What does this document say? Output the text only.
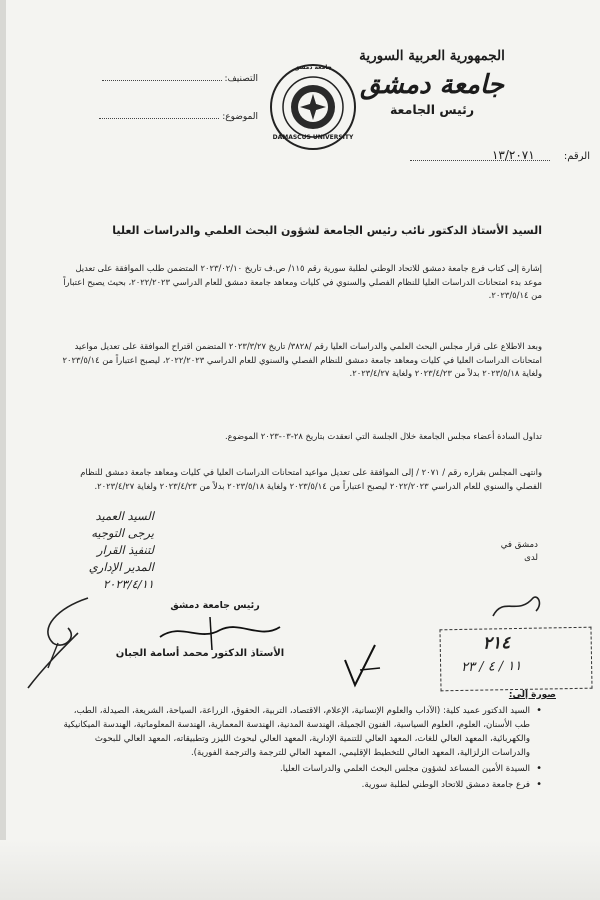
الجمهورية العربية السورية
جامعة دمشق
رئيس الجامعة
الرقم: ١٣/٢٠٧١
DAMASCUS UNIVERSITY
جامعة دمشق
التصنيف:
الموضوع:
السيد الأستاذ الدكتور نائب رئيس الجامعة لشؤون البحث العلمي والدراسات العليا
إشارة إلى كتاب فرع جامعة دمشق للاتحاد الوطني لطلبة سورية رقم ١١٥/ ص.ف تاريخ ٢٠٢٣/٠٢/١٠ المتضمن طلب الموافقة على تعديل موعد بدء امتحانات الدراسات العليا للنظام الفصلي والسنوي في كليات ومعاهد جامعة دمشق للعام الدراسي ٢٠٢٢/٢٠٢٣، بحيث يصبح اعتباراً من ٢٠٢٣/٥/١٤.
وبعد الاطلاع على قرار مجلس البحث العلمي والدراسات العليا رقم /٣٨٢٨/ تاريخ ٢٠٢٣/٣/٢٧ المتضمن اقتراح الموافقة على تعديل مواعيد امتحانات الدراسات العليا في كليات ومعاهد جامعة دمشق للنظام الفصلي والسنوي للعام الدراسي ٢٠٢٢/٢٠٢٣، ليصبح اعتباراً من ٢٠٢٣/٥/١٤ ولغاية ٢٠٢٣/٥/١٨ بدلاً من ٢٠٢٣/٤/٢٣ ولغاية ٢٠٢٣/٤/٢٧.
تداول السادة أعضاء مجلس الجامعة خلال الجلسة التي انعقدت بتاريخ ٢٨-٠٣-٢٠٢٣ الموضوع.
وانتهى المجلس بقراره رقم / ٢٠٧١ / إلى الموافقة على تعديل مواعيد امتحانات الدراسات العليا في كليات ومعاهد جامعة دمشق للنظام الفصلي والسنوي للعام الدراسي ٢٠٢٢/٢٠٢٣ ليصبح اعتباراً من ٢٠٢٣/٥/١٤ ولغاية ٢٠٢٣/٥/١٨ بدلاً من ٢٠٢٣/٤/٢٣ ولغاية ٢٠٢٣/٤/٢٧.
دمشق في
لدى
السيد العميد
يرجى التوجيه
لتنفيذ القرار
المدير الإداري
٢٠٢٣/٤/١١
رئيس جامعة دمشق
الأستاذ الدكتور محمد أسامة الجبان	٢١٤
١١ / ٤ / ٢٣
صورة إلى:
• السيد الدكتور عميد كلية: (الآداب والعلوم الإنسانية، الإعلام، الاقتصاد، التربية، الحقوق، الزراعة، السياحة، الشريعة، الصيدلة، الطب، طب الأسنان، العلوم، العلوم السياسية، الفنون الجميلة، الهندسة المدنية، الهندسة المعمارية، الهندسة المعلوماتية، الهندسة الميكانيكية والكهربائية، المعهد العالي للغات، المعهد العالي للتنمية الإدارية، المعهد العالي لبحوث الليزر وتطبيقاته، المعهد العالي للبحوث والدراسات الزلزالية، المعهد العالي للتخطيط الإقليمي، المعهد العالي للترجمة والترجمة الفورية).
• السيدة الأمين المساعد لشؤون مجلس البحث العلمي والدراسات العليا.
• فرع جامعة دمشق للاتحاد الوطني لطلبة سورية.
